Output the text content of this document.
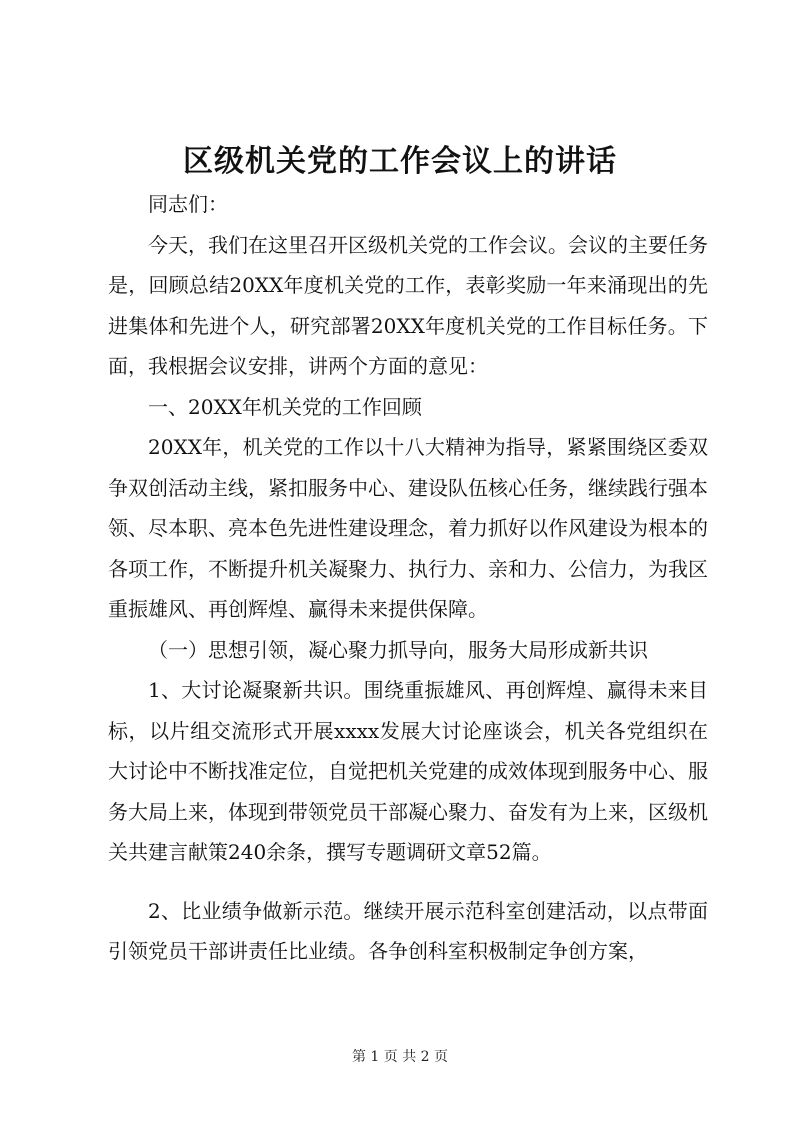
区级机关党的工作会议上的讲话

同志们：

今天，我们在这里召开区级机关党的工作会议。会议的主要任务是，回顾总结20XX年度机关党的工作，表彰奖励一年来涌现出的先进集体和先进个人，研究部署20XX年度机关党的工作目标任务。下面，我根据会议安排，讲两个方面的意见：

一、20XX年机关党的工作回顾

20XX年，机关党的工作以十八大精神为指导，紧紧围绕区委双争双创活动主线，紧扣服务中心、建设队伍核心任务，继续践行强本领、尽本职、亮本色先进性建设理念，着力抓好以作风建设为根本的各项工作，不断提升机关凝聚力、执行力、亲和力、公信力，为我区重振雄风、再创辉煌、赢得未来提供保障。

（一）思想引领，凝心聚力抓导向，服务大局形成新共识

1、大讨论凝聚新共识。围绕重振雄风、再创辉煌、赢得未来目标，以片组交流形式开展xxxx发展大讨论座谈会，机关各党组织在大讨论中不断找准定位，自觉把机关党建的成效体现到服务中心、服务大局上来，体现到带领党员干部凝心聚力、奋发有为上来，区级机关共建言献策240余条，撰写专题调研文章52篇。

2、比业绩争做新示范。继续开展示范科室创建活动，以点带面引领党员干部讲责任比业绩。各争创科室积极制定争创方案，

第 1 页 共 2 页
